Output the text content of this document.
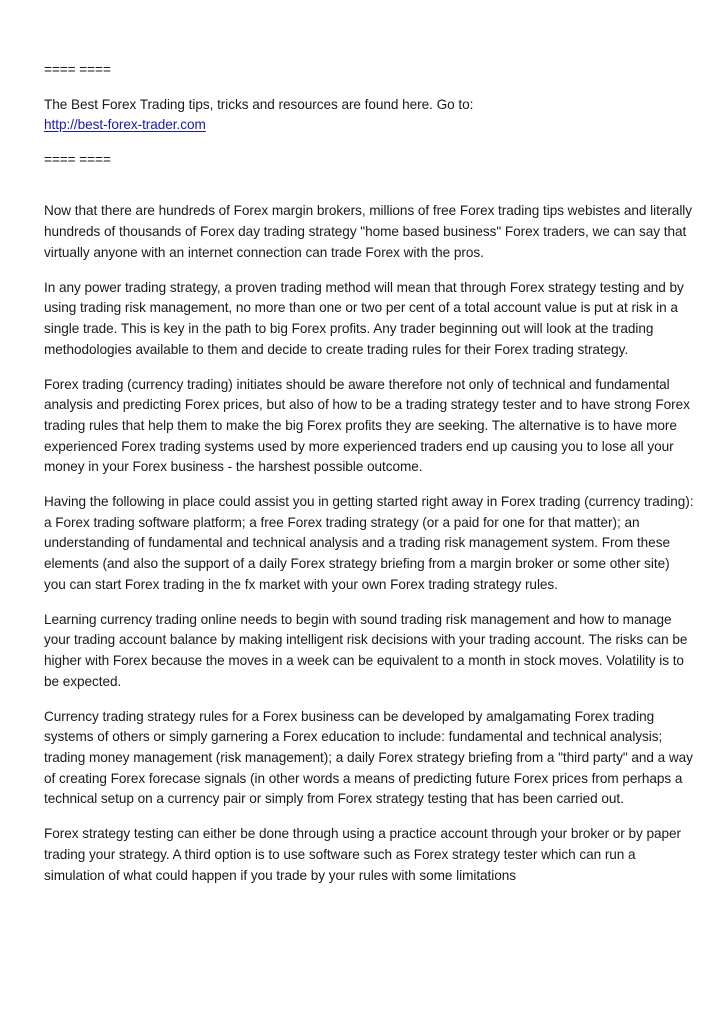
==== ====

The Best Forex Trading tips, tricks and resources are found here. Go to:

http://best-forex-trader.com

==== ====

Now that there are hundreds of Forex margin brokers, millions of free Forex trading tips webistes and literally hundreds of thousands of Forex day trading strategy "home based business" Forex traders, we can say that virtually anyone with an internet connection can trade Forex with the pros.

In any power trading strategy, a proven trading method will mean that through Forex strategy testing and by using trading risk management, no more than one or two per cent of a total account value is put at risk in a single trade. This is key in the path to big Forex profits. Any trader beginning out will look at the trading methodologies available to them and decide to create trading rules for their Forex trading strategy.

Forex trading (currency trading) initiates should be aware therefore not only of technical and fundamental analysis and predicting Forex prices, but also of how to be a trading strategy tester and to have strong Forex trading rules that help them to make the big Forex profits they are seeking. The alternative is to have more experienced Forex trading systems used by more experienced traders end up causing you to lose all your money in your Forex business - the harshest possible outcome.

Having the following in place could assist you in getting started right away in Forex trading (currency trading): a Forex trading software platform; a free Forex trading strategy (or a paid for one for that matter); an understanding of fundamental and technical analysis and a trading risk management system. From these elements (and also the support of a daily Forex strategy briefing from a margin broker or some other site) you can start Forex trading in the fx market with your own Forex trading strategy rules.

Learning currency trading online needs to begin with sound trading risk management and how to manage your trading account balance by making intelligent risk decisions with your trading account. The risks can be higher with Forex because the moves in a week can be equivalent to a month in stock moves. Volatility is to be expected.

Currency trading strategy rules for a Forex business can be developed by amalgamating Forex trading systems of others or simply garnering a Forex education to include: fundamental and technical analysis; trading money management (risk management); a daily Forex strategy briefing from a "third party" and a way of creating Forex forecase signals (in other words a means of predicting future Forex prices from perhaps a technical setup on a currency pair or simply from Forex strategy testing that has been carried out.

Forex strategy testing can either be done through using a practice account through your broker or by paper trading your strategy. A third option is to use software such as Forex strategy tester which can run a simulation of what could happen if you trade by your rules with some limitations
